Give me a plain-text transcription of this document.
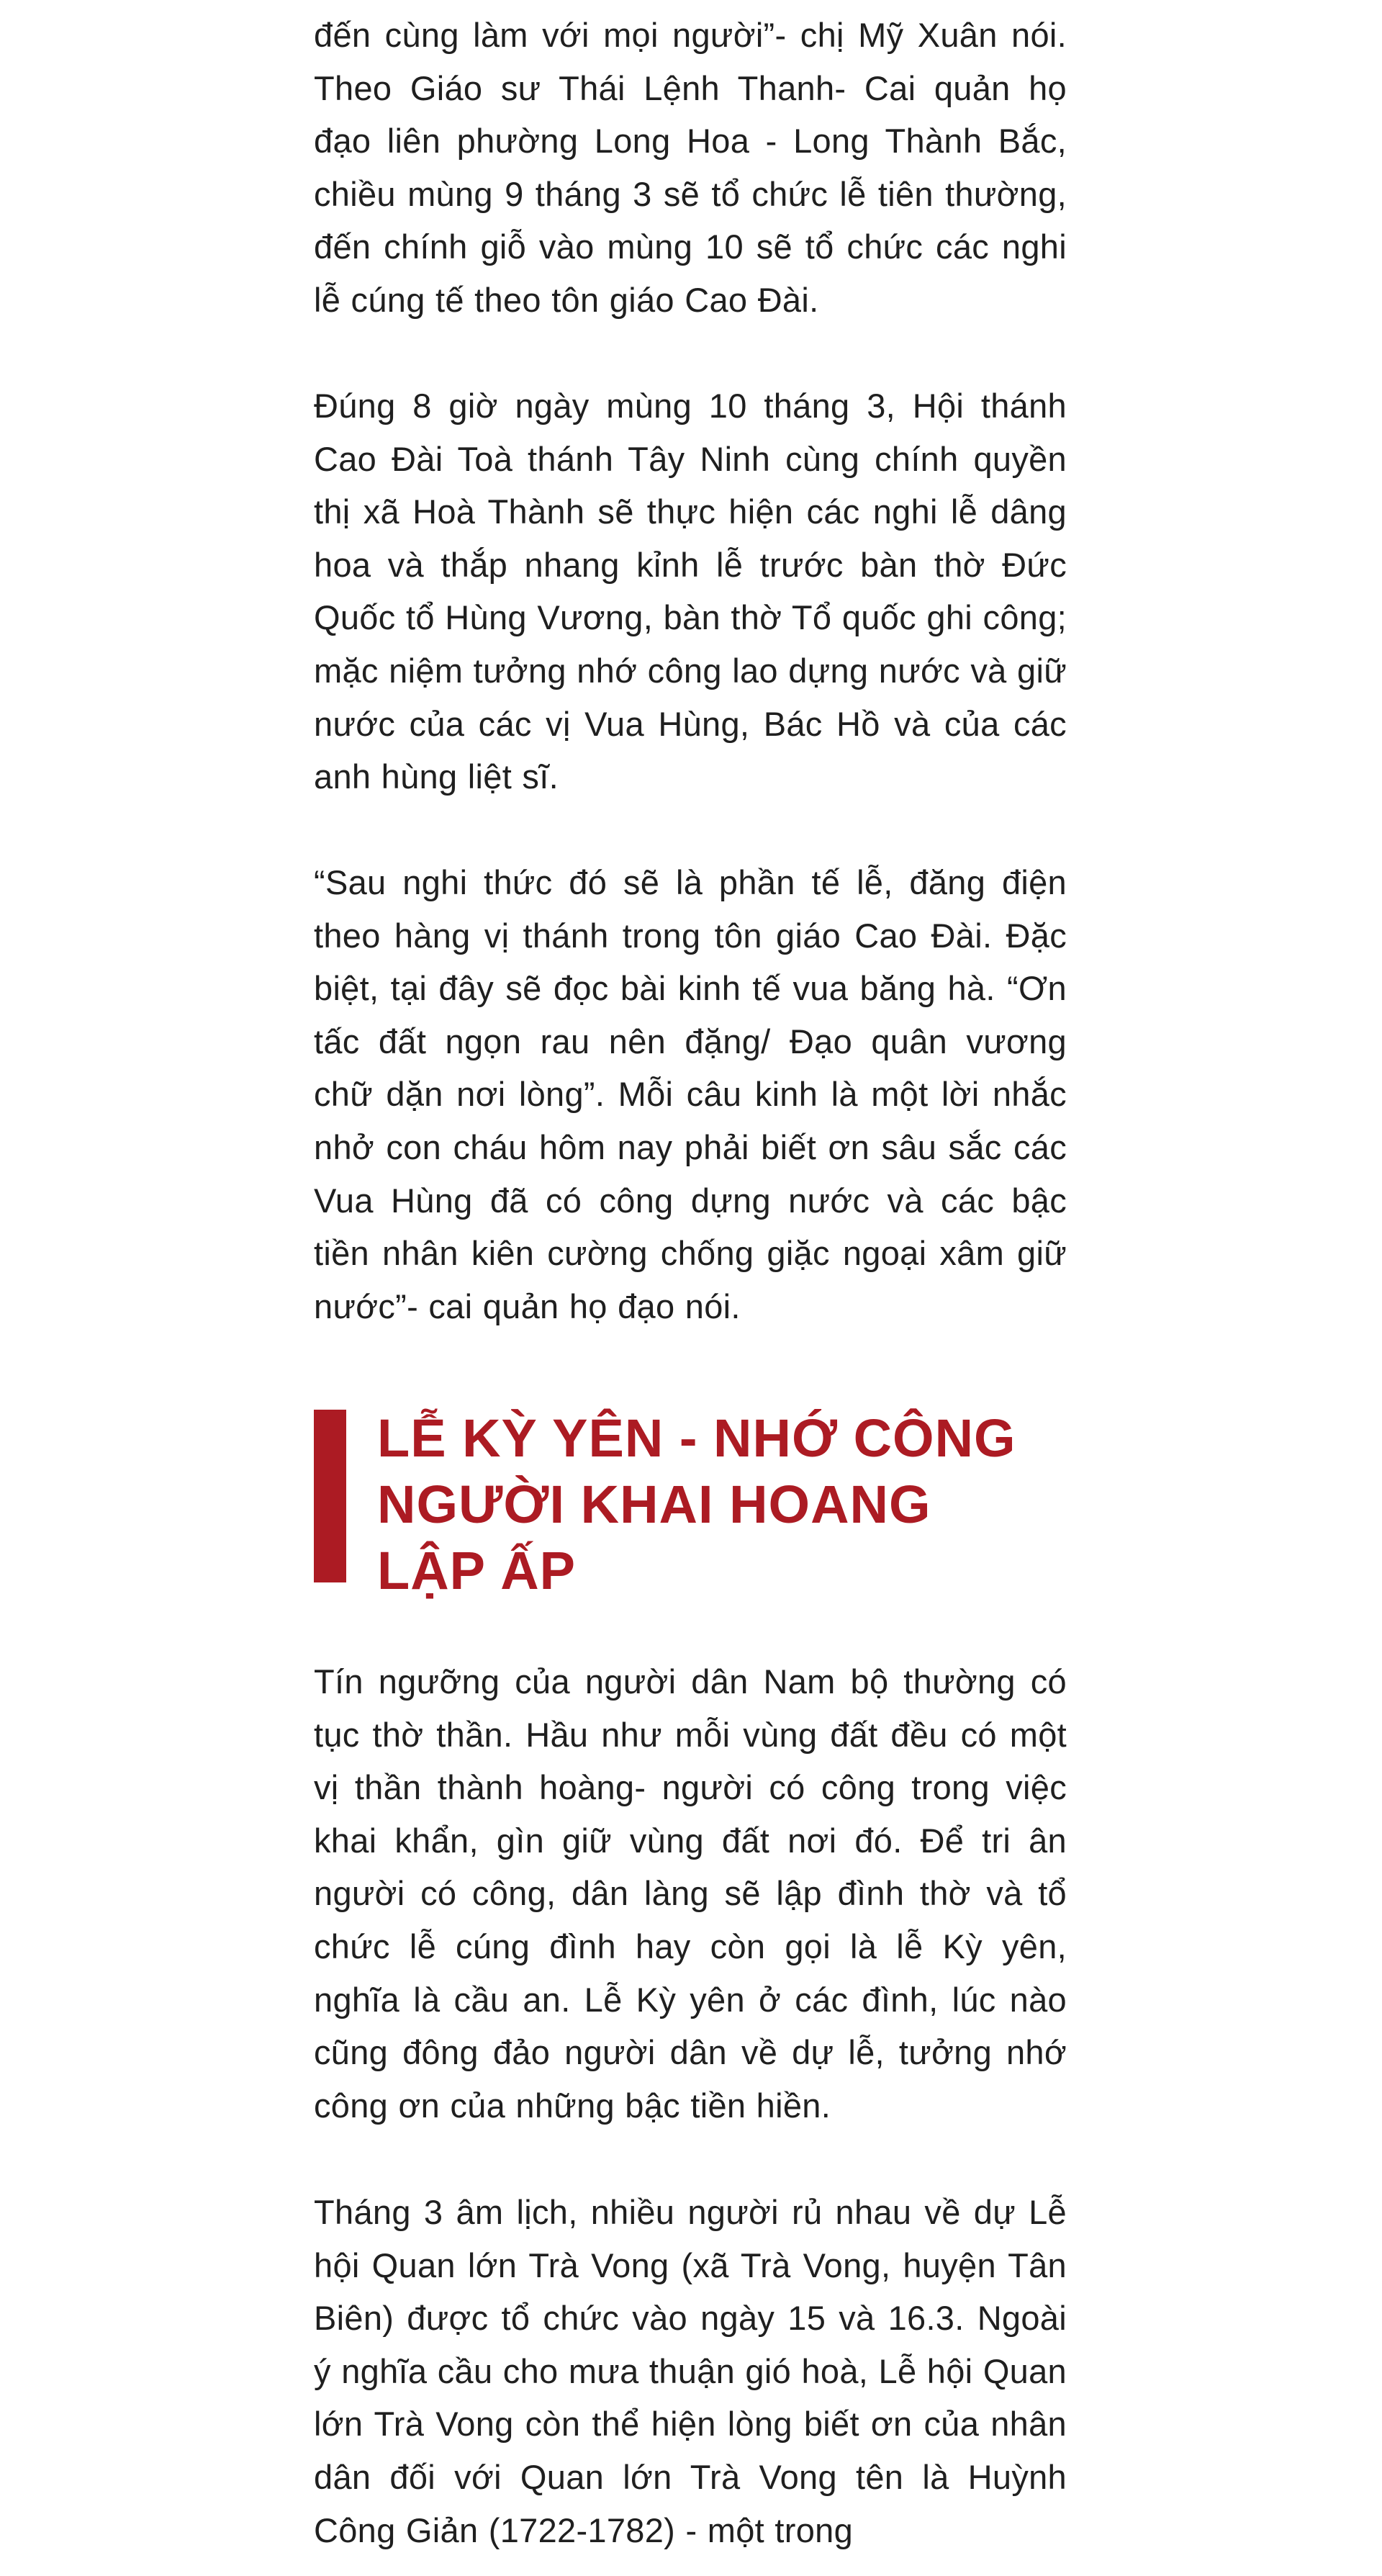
đến cùng làm với mọi người”- chị Mỹ Xuân nói. Theo Giáo sư Thái Lệnh Thanh- Cai quản họ đạo liên phường Long Hoa - Long Thành Bắc, chiều mùng 9 tháng 3 sẽ tổ chức lễ tiên thường, đến chính giỗ vào mùng 10 sẽ tổ chức các nghi lễ cúng tế theo tôn giáo Cao Đài.

Đúng 8 giờ ngày mùng 10 tháng 3, Hội thánh Cao Đài Toà thánh Tây Ninh cùng chính quyền thị xã Hoà Thành sẽ thực hiện các nghi lễ dâng hoa và thắp nhang kỉnh lễ trước bàn thờ Đức Quốc tổ Hùng Vương, bàn thờ Tổ quốc ghi công; mặc niệm tưởng nhớ công lao dựng nước và giữ nước của các vị Vua Hùng, Bác Hồ và của các anh hùng liệt sĩ.

“Sau nghi thức đó sẽ là phần tế lễ, đăng điện theo hàng vị thánh trong tôn giáo Cao Đài. Đặc biệt, tại đây sẽ đọc bài kinh tế vua băng hà. “Ơn tấc đất ngọn rau nên đặng/ Đạo quân vương chữ dặn nơi lòng”. Mỗi câu kinh là một lời nhắc nhở con cháu hôm nay phải biết ơn sâu sắc các Vua Hùng đã có công dựng nước và các bậc tiền nhân kiên cường chống giặc ngoại xâm giữ nước”- cai quản họ đạo nói.

LỄ KỲ YÊN - NHỚ CÔNG
NGƯỜI KHAI HOANG
LẬP ẤP

Tín ngưỡng của người dân Nam bộ thường có tục thờ thần. Hầu như mỗi vùng đất đều có một vị thần thành hoàng- người có công trong việc khai khẩn, gìn giữ vùng đất nơi đó. Để tri ân người có công, dân làng sẽ lập đình thờ và tổ chức lễ cúng đình hay còn gọi là lễ Kỳ yên, nghĩa là cầu an. Lễ Kỳ yên ở các đình, lúc nào cũng đông đảo người dân về dự lễ, tưởng nhớ công ơn của những bậc tiền hiền.

Tháng 3 âm lịch, nhiều người rủ nhau về dự Lễ hội Quan lớn Trà Vong (xã Trà Vong, huyện Tân Biên) được tổ chức vào ngày 15 và 16.3. Ngoài ý nghĩa cầu cho mưa thuận gió hoà, Lễ hội Quan lớn Trà Vong còn thể hiện lòng biết ơn của nhân dân đối với Quan lớn Trà Vong tên là Huỳnh Công Giản (1722-1782) - một trong
